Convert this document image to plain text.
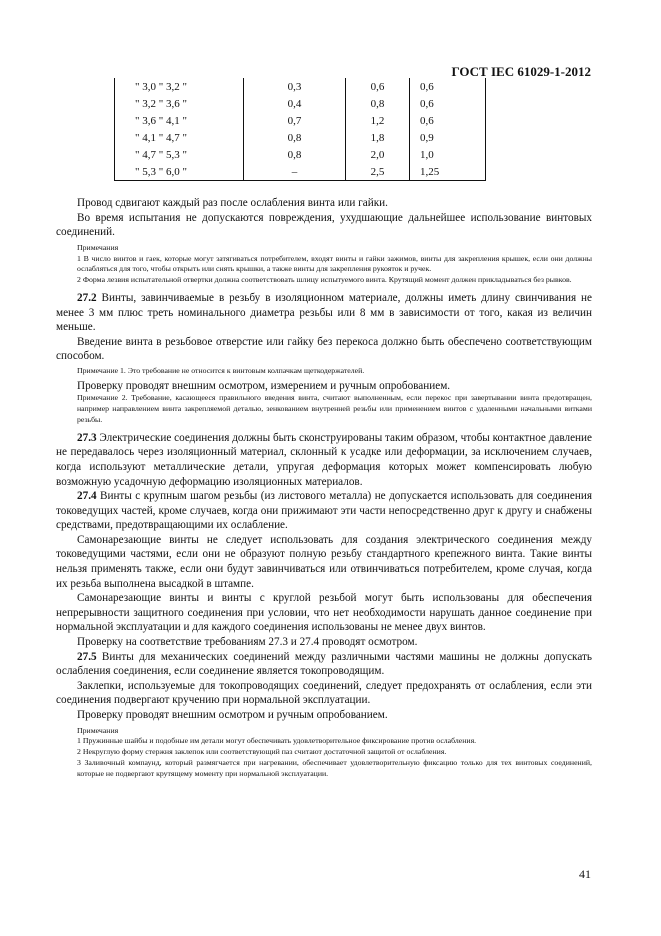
ГОСТ IEC 61029-1-2012
" 3,0 " 3,2 "	0,3	0,6	0,6
" 3,2 " 3,6 "	0,4	0,8	0,6
" 3,6 " 4,1 "	0,7	1,2	0,6
" 4,1 " 4,7 "	0,8	1,8	0,9
" 4,7 " 5,3 "	0,8	2,0	1,0
" 5,3 " 6,0 "	–	2,5	1,25

Провод сдвигают каждый раз после ослабления винта или гайки.

Во время испытания не допускаются повреждения, ухудшающие дальнейшее использование винтовых соединений.

Примечания

1 В число винтов и гаек, которые могут затягиваться потребителем, входят винты и гайки зажимов, винты для закрепления крышек, если они должны ослабляться для того, чтобы открыть или снять крышки, а также винты для закрепления рукояток и ручек.

2 Форма лезвия испытательной отвертки должна соответствовать шлицу испытуемого винта. Крутящий момент должен прикладываться без рывков.

27.2 Винты, завинчиваемые в резьбу в изоляционном материале, должны иметь длину свинчивания не менее 3 мм плюс треть номинального диаметра резьбы или 8 мм в зависимости от того, какая из величин меньше.

Введение винта в резьбовое отверстие или гайку без перекоса должно быть обеспечено соответствующим способом.

Примечание 1. Это требование не относится к винтовым колпачкам щеткодержателей.

Проверку проводят внешним осмотром, измерением и ручным опробованием.

Примечание 2. Требование, касающееся правильного введения винта, считают выполненным, если перекос при завертывании винта предотвращен, например направлением винта закрепляемой деталью, зенкованием внутренней резьбы или применением винтов с удаленными начальными витками резьбы.

27.3 Электрические соединения должны быть сконструированы таким образом, чтобы контактное давление не передавалось через изоляционный материал, склонный к усадке или деформации, за исключением случаев, когда используют металлические детали, упругая деформация которых может компенсировать любую возможную усадочную деформацию изоляционных материалов.

27.4 Винты с крупным шагом резьбы (из листового металла) не допускается использовать для соединения токоведущих частей, кроме случаев, когда они прижимают эти части непосредственно друг к другу и снабжены средствами, предотвращающими их ослабление.

Самонарезающие винты не следует использовать для создания электрического соединения между токоведущими частями, если они не образуют полную резьбу стандартного крепежного винта. Такие винты нельзя применять также, если они будут завинчиваться или отвинчиваться потребителем, кроме случая, когда их резьба выполнена высадкой в штампе.

Самонарезающие винты и винты с круглой резьбой могут быть использованы для обеспечения непрерывности защитного соединения при условии, что нет необходимости нарушать данное соединение при нормальной эксплуатации и для каждого соединения использованы не менее двух винтов.

Проверку на соответствие требованиям 27.3 и 27.4 проводят осмотром.

27.5 Винты для механических соединений между различными частями машины не должны допускать ослабления соединения, если соединение является токопроводящим.

Заклепки, используемые для токопроводящих соединений, следует предохранять от ослабления, если эти соединения подвергают кручению при нормальной эксплуатации.

Проверку проводят внешним осмотром и ручным опробованием.

Примечания

1 Пружинные шайбы и подобные им детали могут обеспечивать удовлетворительное фиксирование против ослабления.

2 Некруглую форму стержня заклепок или соответствующий паз считают достаточной защитой от ослабления.

3 Заливочный компаунд, который размягчается при нагревании, обеспечивает удовлетворительную фиксацию только для тех винтовых соединений, которые не подвергают крутящему моменту при нормальной эксплуатации.

41
